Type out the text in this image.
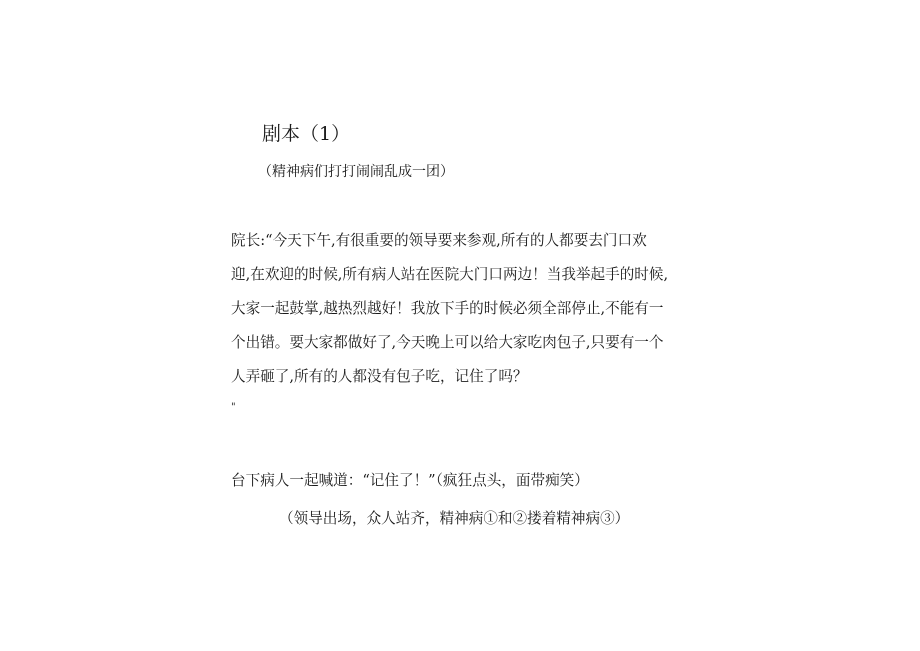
剧本（1）
（精神病们打打闹闹乱成一团）
院长:“今天下午,有很重要的领导要来参观,所有的人都要去门口欢
迎,在欢迎的时候,所有病人站在医院大门口两边！当我举起手的时候,
大家一起鼓掌,越热烈越好！我放下手的时候必须全部停止,不能有一
个出错。要大家都做好了,今天晚上可以给大家吃肉包子,只要有一个
人弄砸了,所有的人都没有包子吃，记住了吗？
"
台下病人一起喊道：“记住了！”（疯狂点头，面带痴笑）
（领导出场，众人站齐，精神病①和②搂着精神病③）
